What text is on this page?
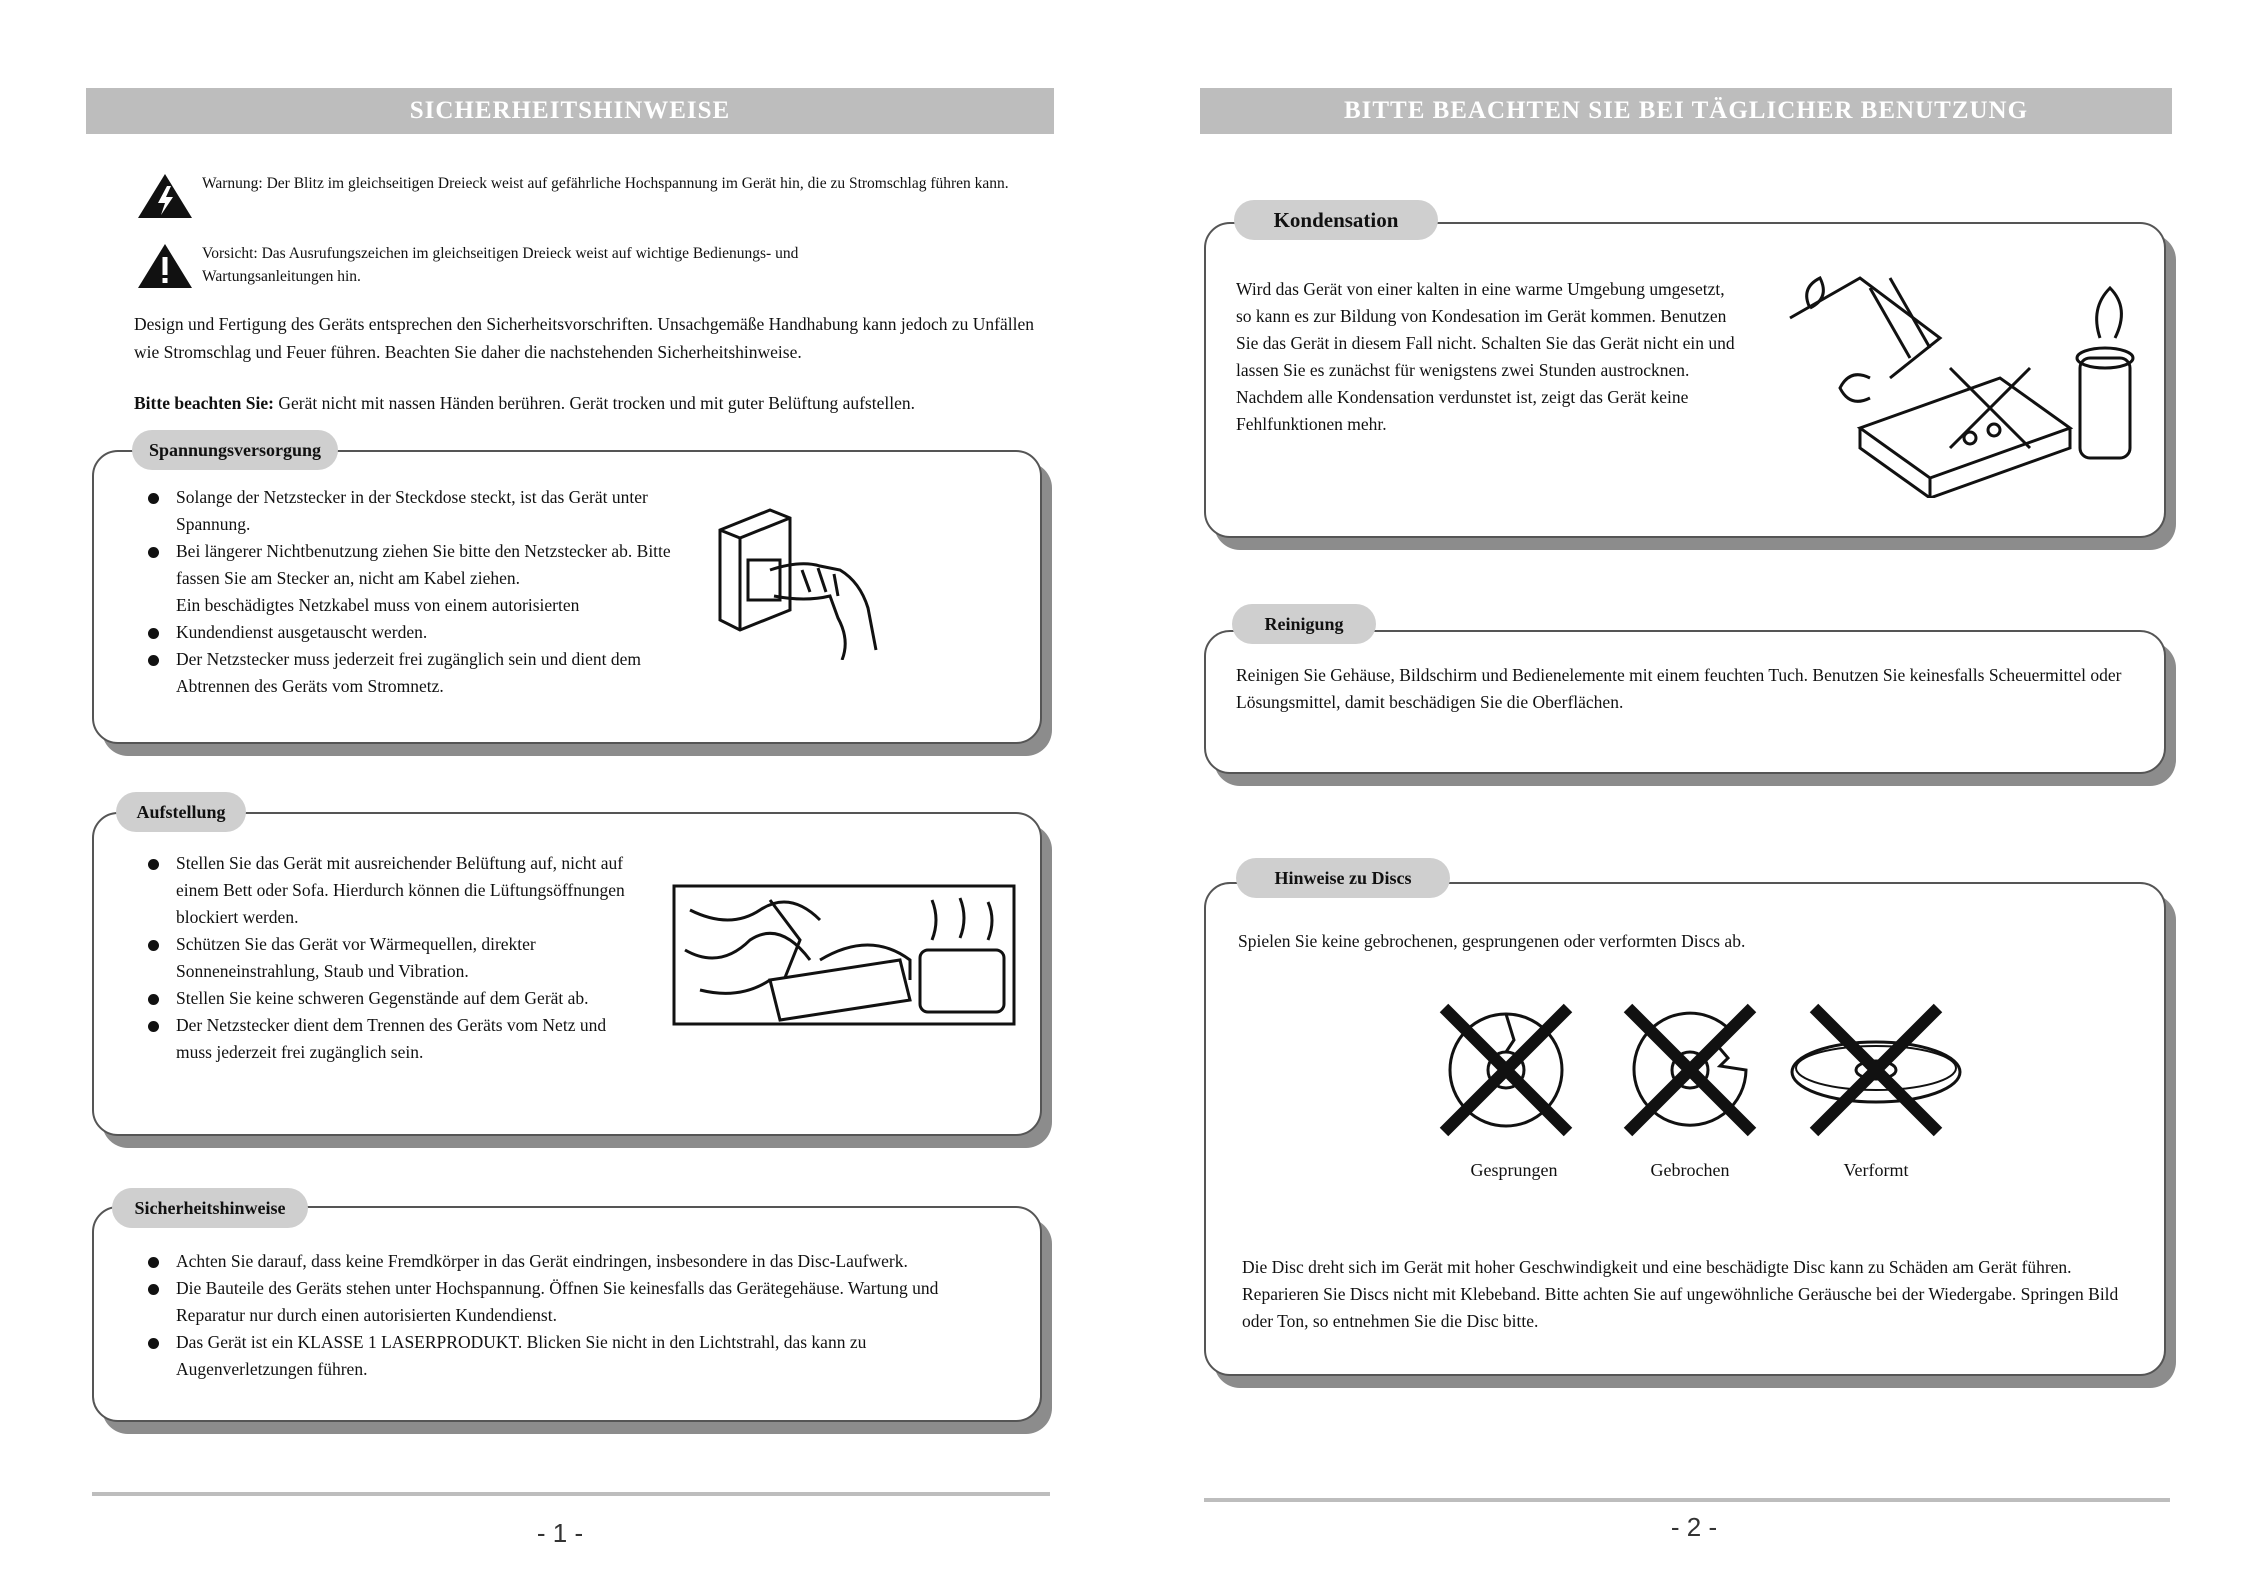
SICHERHEITSHINWEISE
Warnung: Der Blitz im gleichseitigen Dreieck weist auf gefährliche Hochspannung im Gerät hin, die zu Stromschlag führen kann.
Vorsicht: Das Ausrufungszeichen im gleichseitigen Dreieck weist auf wichtige Bedienungs- und Wartungsanleitungen hin.
Design und Fertigung des Geräts entsprechen den Sicherheitsvorschriften. Unsachgemäße Handhabung kann jedoch zu Unfällen wie Stromschlag und Feuer führen. Beachten Sie daher die nachstehenden Sicherheitshinweise.
Bitte beachten Sie: Gerät nicht mit nassen Händen berühren. Gerät trocken und mit guter Belüftung aufstellen.
Spannungsversorgung
Solange der Netzstecker in der Steckdose steckt, ist das Gerät unter Spannung.
Bei längerer Nichtbenutzung ziehen Sie bitte den Netzstecker ab. Bitte fassen Sie am Stecker an, nicht am Kabel ziehen.
Ein beschädigtes Netzkabel muss von einem autorisierten
Kundendienst ausgetauscht werden.
Der Netzstecker muss jederzeit frei zugänglich sein und dient dem Abtrennen des Geräts vom Stromnetz.
Aufstellung
Stellen Sie das Gerät mit ausreichender Belüftung auf, nicht auf einem Bett oder Sofa. Hierdurch können die Lüftungsöffnungen blockiert werden.
Schützen Sie das Gerät vor Wärmequellen, direkter Sonneneinstrahlung, Staub und Vibration.
Stellen Sie keine schweren Gegenstände auf dem Gerät ab.
Der Netzstecker dient dem Trennen des Geräts vom Netz und muss jederzeit frei zugänglich sein.
Sicherheitshinweise
Achten Sie darauf, dass keine Fremdkörper in das Gerät eindringen, insbesondere in das Disc-Laufwerk.
Die Bauteile des Geräts stehen unter Hochspannung. Öffnen Sie keinesfalls das Gerätegehäuse. Wartung und Reparatur nur durch einen autorisierten Kundendienst.
Das Gerät ist ein KLASSE 1 LASERPRODUKT. Blicken Sie nicht in den Lichtstrahl, das kann zu Augenverletzungen führen.
- 1 -
BITTE BEACHTEN SIE BEI TÄGLICHER BENUTZUNG
Kondensation
Wird das Gerät von einer kalten in eine warme Umgebung umgesetzt, so kann es zur Bildung von Kondesation im Gerät kommen. Benutzen Sie das Gerät in diesem Fall nicht. Schalten Sie das Gerät nicht ein und lassen Sie es zunächst für wenigstens zwei Stunden austrocknen. Nachdem alle Kondensation verdunstet ist, zeigt das Gerät keine Fehlfunktionen mehr.
Reinigung
Reinigen Sie Gehäuse, Bildschirm und Bedienelemente mit einem feuchten Tuch. Benutzen Sie keinesfalls Scheuermittel oder Lösungsmittel, damit beschädigen Sie die Oberflächen.
Hinweise zu Discs
Spielen Sie keine gebrochenen, gesprungenen oder verformten Discs ab.
Gesprungen	Gebrochen	Verformt
Die Disc dreht sich im Gerät mit hoher Geschwindigkeit und eine beschädigte Disc kann zu Schäden am Gerät führen. Reparieren Sie Discs nicht mit Klebeband. Bitte achten Sie auf ungewöhnliche Geräusche bei der Wiedergabe. Springen Bild oder Ton, so entnehmen Sie die Disc bitte.
- 2 -
